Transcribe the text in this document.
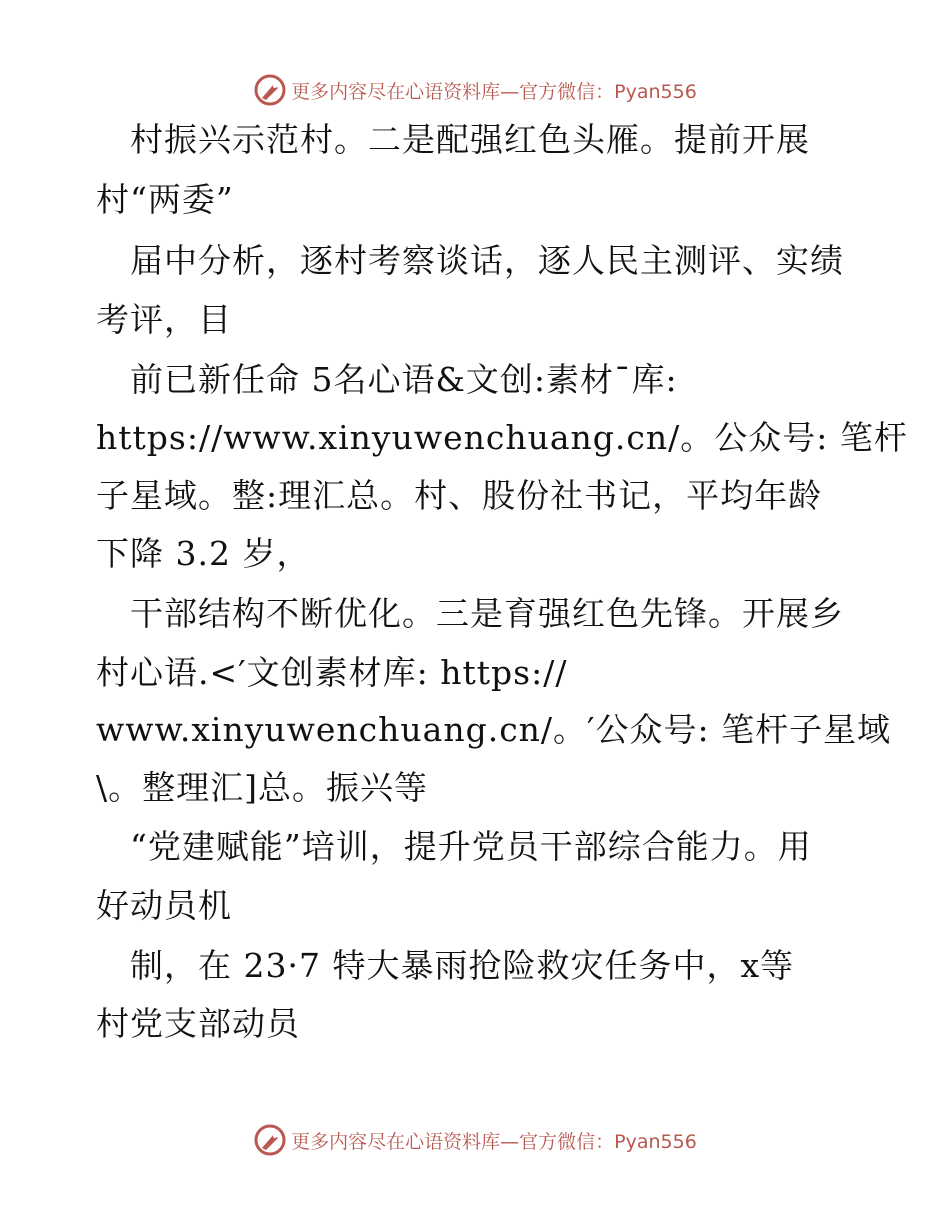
更多内容尽在心语资料库—官方微信：Pyan556
　村振兴示范村。二是配强红色头雁。提前开展
村“两委”
　届中分析，逐村考察谈话，逐人民主测评、实绩
考评，目
　前已新任命 5名心语&文创:素材¯库:
https://www.xinyuwenchuang.cn/。公众号: 笔杆
子星域。整:理汇总。村、股份社书记，平均年龄
下降 3.2 岁，
　干部结构不断优化。三是育强红色先锋。开展乡
村心语.<′文创素材库: https://
www.xinyuwenchuang.cn/。′公众号: 笔杆子星域
\。整理汇]总。振兴等
　“党建赋能”培训，提升党员干部综合能力。用
好动员机
　制，在 23·7 特大暴雨抢险救灾任务中，x等
村党支部动员
更多内容尽在心语资料库—官方微信：Pyan556
